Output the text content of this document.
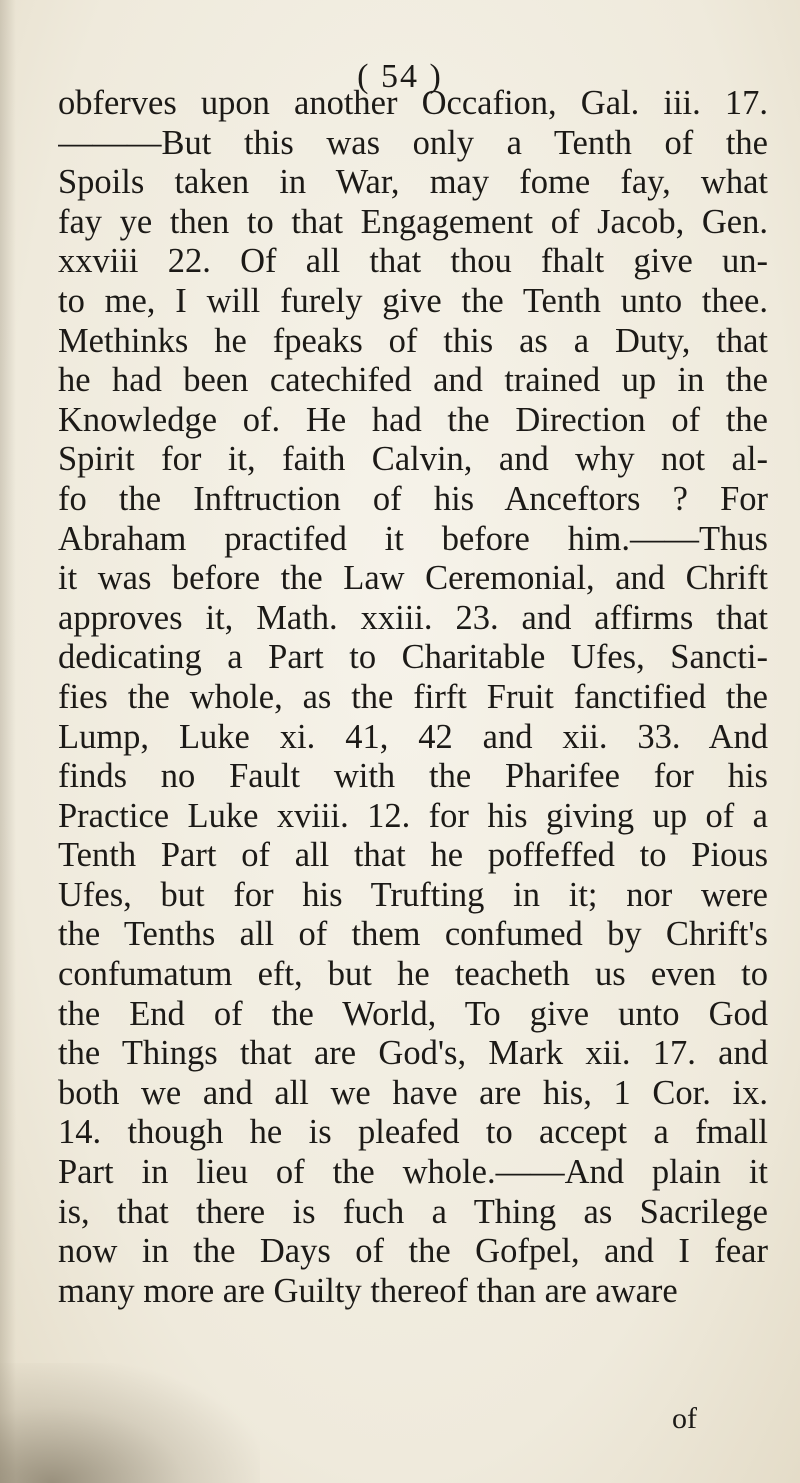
( 54 )
obferves upon another Occafion, Gal. iii. 17.
———But this was only a Tenth of the
Spoils taken in War, may fome fay, what
fay ye then to that Engagement of Jacob, Gen.
xxviii 22. Of all that thou fhalt give un-
to me, I will furely give the Tenth unto thee.
Methinks he fpeaks of this as a Duty, that
he had been catechifed and trained up in the
Knowledge of. He had the Direction of the
Spirit for it, faith Calvin, and why not al-
fo the Inftruction of his Anceftors ? For
Abraham practifed it before him.——Thus
it was before the Law Ceremonial, and Chrift
approves it, Math. xxiii. 23. and affirms that
dedicating a Part to Charitable Ufes, Sancti-
fies the whole, as the firft Fruit fanctified the
Lump, Luke xi. 41, 42 and xii. 33. And
finds no Fault with the Pharifee for his
Practice Luke xviii. 12. for his giving up of a
Tenth Part of all that he poffeffed to Pious
Ufes, but for his Trufting in it; nor were
the Tenths all of them confumed by Chrift's
confumatum eft, but he teacheth us even to
the End of the World, To give unto God
the Things that are God's, Mark xii. 17. and
both we and all we have are his, 1 Cor. ix.
14. though he is pleafed to accept a fmall
Part in lieu of the whole.——And plain it
is, that there is fuch a Thing as Sacrilege
now in the Days of the Gofpel, and I fear
many more are Guilty thereof than are aware
of
